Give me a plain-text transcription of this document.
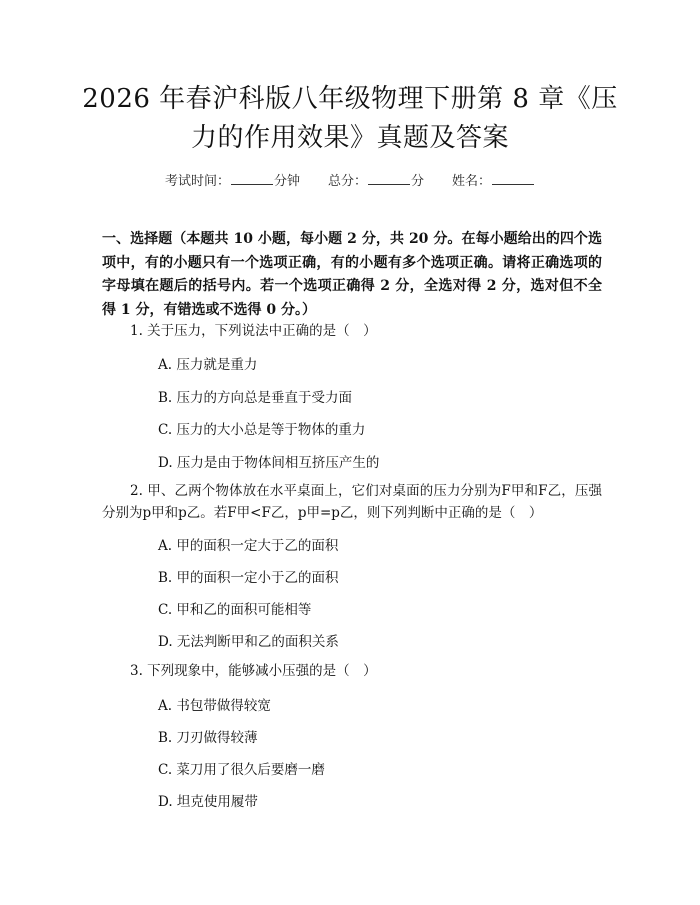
2026 年春沪科版八年级物理下册第 8 章《压力的作用效果》真题及答案
考试时间：	分钟 总分：	分 姓名：
一、选择题（本题共 10 小题，每小题 2 分，共 20 分。在每小题给出的四个选项中，有的小题只有一个选项正确，有的小题有多个选项正确。请将正确选项的字母填在题后的括号内。若一个选项正确得 2 分，全选对得 2 分，选对但不全得 1 分，有错选或不选得 0 分。）
1. 关于压力，下列说法中正确的是（　）
A. 压力就是重力
B. 压力的方向总是垂直于受力面
C. 压力的大小总是等于物体的重力
D. 压力是由于物体间相互挤压产生的
2. 甲、乙两个物体放在水平桌面上，它们对桌面的压力分别为F甲和F乙，压强分别为p甲和p乙。若F甲<F乙，p甲=p乙，则下列判断中正确的是（　）
A. 甲的面积一定大于乙的面积
B. 甲的面积一定小于乙的面积
C. 甲和乙的面积可能相等
D. 无法判断甲和乙的面积关系
3. 下列现象中，能够减小压强的是（　）
A. 书包带做得较宽
B. 刀刃做得较薄
C. 菜刀用了很久后要磨一磨
D. 坦克使用履带
